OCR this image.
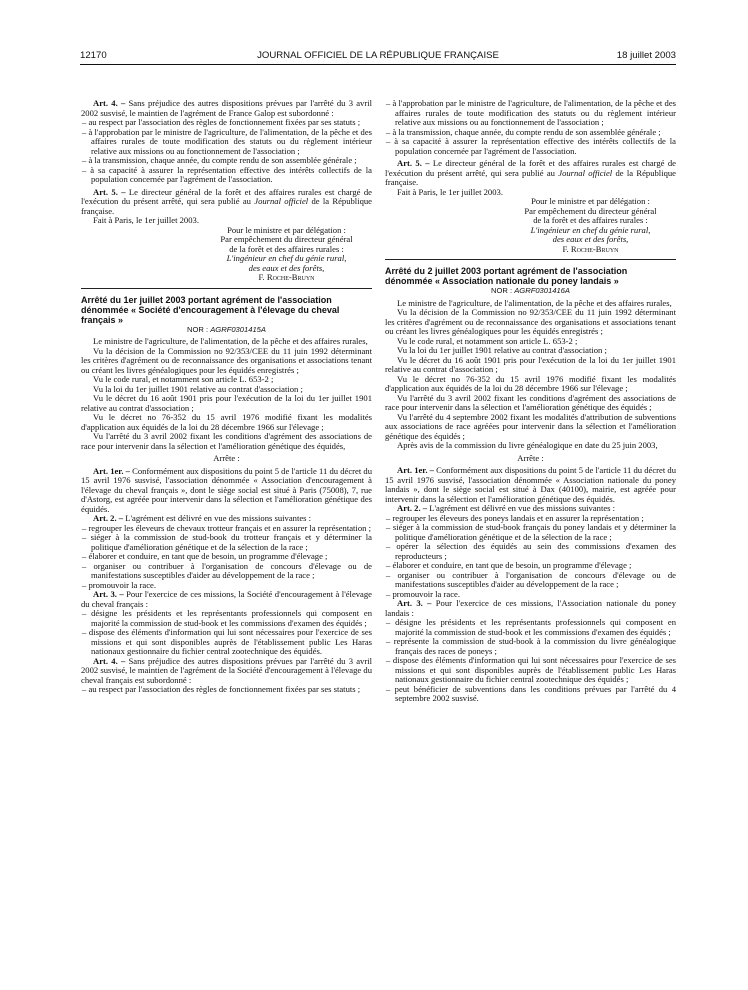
12170	JOURNAL OFFICIEL DE LA RÉPUBLIQUE FRANÇAISE	18 juillet 2003

Art. 4. – Sans préjudice des autres dispositions prévues par l'arrêté du 3 avril 2002 susvisé, le maintien de l'agrément de France Galop est subordonné :

– au respect par l'association des règles de fonctionnement fixées par ses statuts ;

– à l'approbation par le ministre de l'agriculture, de l'alimentation, de la pêche et des affaires rurales de toute modification des statuts ou du règlement intérieur relative aux missions ou au fonctionnement de l'association ;

– à la transmission, chaque année, du compte rendu de son assemblée générale ;

– à sa capacité à assurer la représentation effective des intérêts collectifs de la population concernée par l'agrément de l'association.

Art. 5. – Le directeur général de la forêt et des affaires rurales est chargé de l'exécution du présent arrêté, qui sera publié au Journal officiel de la République française.

Fait à Paris, le 1er juillet 2003.

Pour le ministre et par délégation :

Par empêchement du directeur général

de la forêt et des affaires rurales :

L'ingénieur en chef du génie rural,

des eaux et des forêts,

F. Roche-Bruyn

Arrêté du 1er juillet 2003 portant agrément de l'association dénommée « Société d'encouragement à l'élevage du cheval français »

NOR : AGRF0301415A

Le ministre de l'agriculture, de l'alimentation, de la pêche et des affaires rurales,

Vu la décision de la Commission no 92/353/CEE du 11 juin 1992 déterminant les critères d'agrément ou de reconnaissance des organisations et associations tenant ou créant les livres généalogiques pour les équidés enregistrés ;

Vu le code rural, et notamment son article L. 653-2 ;

Vu la loi du 1er juillet 1901 relative au contrat d'association ;

Vu le décret du 16 août 1901 pris pour l'exécution de la loi du 1er juillet 1901 relative au contrat d'association ;

Vu le décret no 76-352 du 15 avril 1976 modifié fixant les modalités d'application aux équidés de la loi du 28 décembre 1966 sur l'élevage ;

Vu l'arrêté du 3 avril 2002 fixant les conditions d'agrément des associations de race pour intervenir dans la sélection et l'amélioration génétique des équidés,

Arrête :

Art. 1er. – Conformément aux dispositions du point 5 de l'article 11 du décret du 15 avril 1976 susvisé, l'association dénommée « Association d'encouragement à l'élevage du cheval français », dont le siège social est situé à Paris (75008), 7, rue d'Astorg, est agréée pour intervenir dans la sélection et l'amélioration génétique des équidés.

Art. 2. – L'agrément est délivré en vue des missions suivantes :

– regrouper les éleveurs de chevaux trotteur français et en assurer la représentation ;

– siéger à la commission de stud-book du trotteur français et y déterminer la politique d'amélioration génétique et de la sélection de la race ;

– élaborer et conduire, en tant que de besoin, un programme d'élevage ;

– organiser ou contribuer à l'organisation de concours d'élevage ou de manifestations susceptibles d'aider au développement de la race ;

– promouvoir la race.

Art. 3. – Pour l'exercice de ces missions, la Société d'encouragement à l'élevage du cheval français :

– désigne les présidents et les représentants professionnels qui composent en majorité la commission de stud-book et les commissions d'examen des équidés ;

– dispose des éléments d'information qui lui sont nécessaires pour l'exercice de ses missions et qui sont disponibles auprès de l'établissement public Les Haras nationaux gestionnaire du fichier central zootechnique des équidés.

Art. 4. – Sans préjudice des autres dispositions prévues par l'arrêté du 3 avril 2002 susvisé, le maintien de l'agrément de la Société d'encouragement à l'élevage du cheval français est subordonné :

– au respect par l'association des règles de fonctionnement fixées par ses statuts ;

– à l'approbation par le ministre de l'agriculture, de l'alimentation, de la pêche et des affaires rurales de toute modification des statuts ou du règlement intérieur relative aux missions ou au fonctionnement de l'association ;

– à la transmission, chaque année, du compte rendu de son assemblée générale ;

– à sa capacité à assurer la représentation effective des intérêts collectifs de la population concernée par l'agrément de l'association.

Art. 5. – Le directeur général de la forêt et des affaires rurales est chargé de l'exécution du présent arrêté, qui sera publié au Journal officiel de la République française.

Fait à Paris, le 1er juillet 2003.

Pour le ministre et par délégation :

Par empêchement du directeur général

de la forêt et des affaires rurales :

L'ingénieur en chef du génie rural,

des eaux et des forêts,

F. Roche-Bruyn

Arrêté du 2 juillet 2003 portant agrément de l'association dénommée « Association nationale du poney landais »

NOR : AGRF0301416A

Le ministre de l'agriculture, de l'alimentation, de la pêche et des affaires rurales,

Vu la décision de la Commission no 92/353/CEE du 11 juin 1992 déterminant les critères d'agrément ou de reconnaissance des organisations et associations tenant ou créant les livres généalogiques pour les équidés enregistrés ;

Vu le code rural, et notamment son article L. 653-2 ;

Vu la loi du 1er juillet 1901 relative au contrat d'association ;

Vu le décret du 16 août 1901 pris pour l'exécution de la loi du 1er juillet 1901 relative au contrat d'association ;

Vu le décret no 76-352 du 15 avril 1976 modifié fixant les modalités d'application aux équidés de la loi du 28 décembre 1966 sur l'élevage ;

Vu l'arrêté du 3 avril 2002 fixant les conditions d'agrément des associations de race pour intervenir dans la sélection et l'amélioration génétique des équidés ;

Vu l'arrêté du 4 septembre 2002 fixant les modalités d'attribution de subventions aux associations de race agréées pour intervenir dans la sélection et l'amélioration génétique des équidés ;

Après avis de la commission du livre généalogique en date du 25 juin 2003,

Arrête :

Art. 1er. – Conformément aux dispositions du point 5 de l'article 11 du décret du 15 avril 1976 susvisé, l'association dénommée « Association nationale du poney landais », dont le siège social est situé à Dax (40100), mairie, est agréée pour intervenir dans la sélection et l'amélioration génétique des équidés.

Art. 2. – L'agrément est délivré en vue des missions suivantes :

– regrouper les éleveurs des poneys landais et en assurer la représentation ;

– siéger à la commission de stud-book français du poney landais et y déterminer la politique d'amélioration génétique et de la sélection de la race ;

– opérer la sélection des équidés au sein des commissions d'examen des reproducteurs ;

– élaborer et conduire, en tant que de besoin, un programme d'élevage ;

– organiser ou contribuer à l'organisation de concours d'élevage ou de manifestations susceptibles d'aider au développement de la race ;

– promouvoir la race.

Art. 3. – Pour l'exercice de ces missions, l'Association nationale du poney landais :

– désigne les présidents et les représentants professionnels qui composent en majorité la commission de stud-book et les commissions d'examen des équidés ;

– représente la commission de stud-book à la commission du livre généalogique français des races de poneys ;

– dispose des éléments d'information qui lui sont nécessaires pour l'exercice de ses missions et qui sont disponibles auprès de l'établissement public Les Haras nationaux gestionnaire du fichier central zootechnique des équidés ;

– peut bénéficier de subventions dans les conditions prévues par l'arrêté du 4 septembre 2002 susvisé.
